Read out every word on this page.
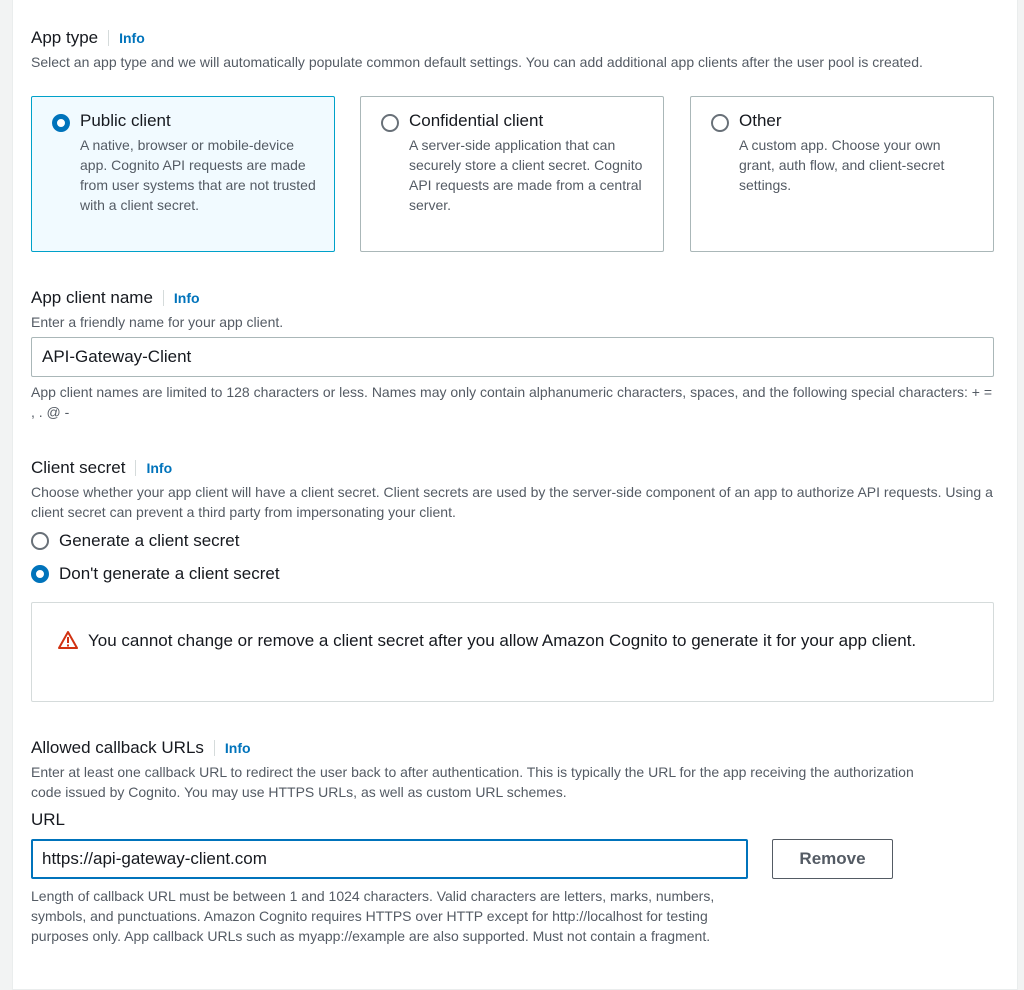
App type	Info
Select an app type and we will automatically populate common default settings. You can add additional app clients after the user pool is created.
Public client
A native, browser or mobile-device app. Cognito API requests are made from user systems that are not trusted with a client secret.
Confidential client
A server-side application that can securely store a client secret. Cognito API requests are made from a central server.
Other
A custom app. Choose your own grant, auth flow, and client-secret settings.
App client name	Info
Enter a friendly name for your app client.
API-Gateway-Client
App client names are limited to 128 characters or less. Names may only contain alphanumeric characters, spaces, and the following special characters: + = , . @ -
Client secret	Info
Choose whether your app client will have a client secret. Client secrets are used by the server-side component of an app to authorize API requests. Using a client secret can prevent a third party from impersonating your client.
Generate a client secret
Don't generate a client secret
You cannot change or remove a client secret after you allow Amazon Cognito to generate it for your app client.
Allowed callback URLs	Info
Enter at least one callback URL to redirect the user back to after authentication. This is typically the URL for the app receiving the authorization code issued by Cognito. You may use HTTPS URLs, as well as custom URL schemes.
URL
https://api-gateway-client.com	Remove
Length of callback URL must be between 1 and 1024 characters. Valid characters are letters, marks, numbers, symbols, and punctuations. Amazon Cognito requires HTTPS over HTTP except for http://localhost for testing purposes only. App callback URLs such as myapp://example are also supported. Must not contain a fragment.
